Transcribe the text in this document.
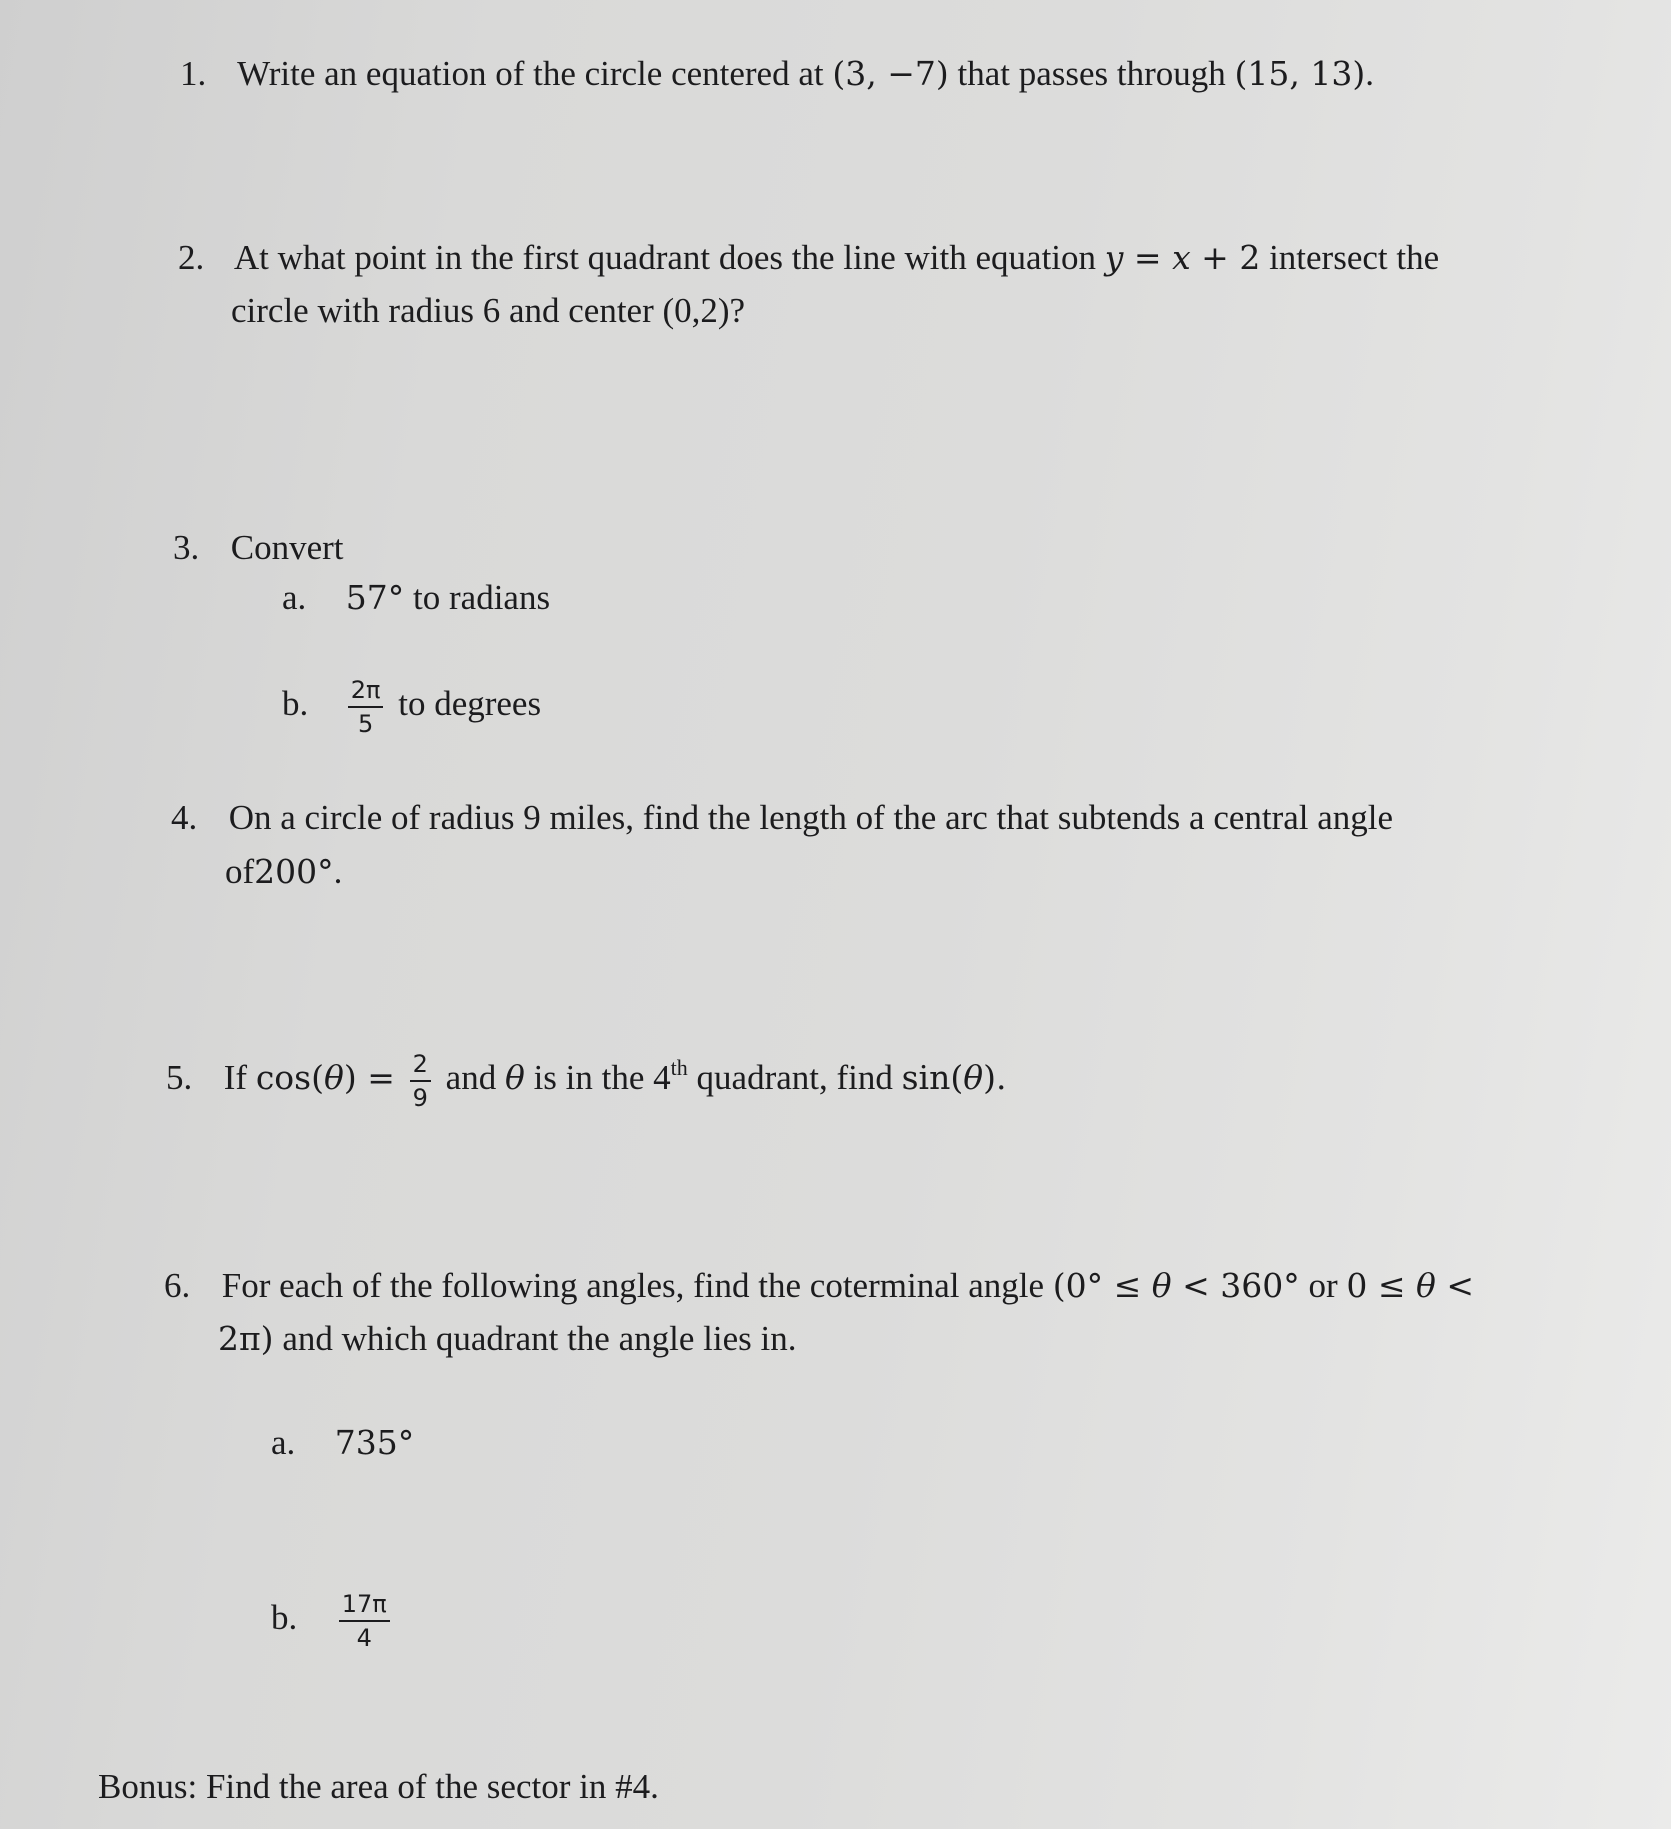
1. Write an equation of the circle centered at (3, −7) that passes through (15, 13).
2. At what point in the first quadrant does the line with equation y = x + 2 intersect the
circle with radius 6 and center (0,2)?
3. Convert
a. 57° to radians
b. $\frac{2\pi}{5}$ to degrees
4. On a circle of radius 9 miles, find the length of the arc that subtends a central angle
of200°.
5. If $\cos(\theta) = \frac{2}{9}$ and θ is in the 4th quadrant, find sin(θ).
6. For each of the following angles, find the coterminal angle (0° ≤ θ < 360° or 0 ≤ θ <
2π) and which quadrant the angle lies in.
a. 735°
b. $\frac{17\pi}{4}$
Bonus: Find the area of the sector in #4.
